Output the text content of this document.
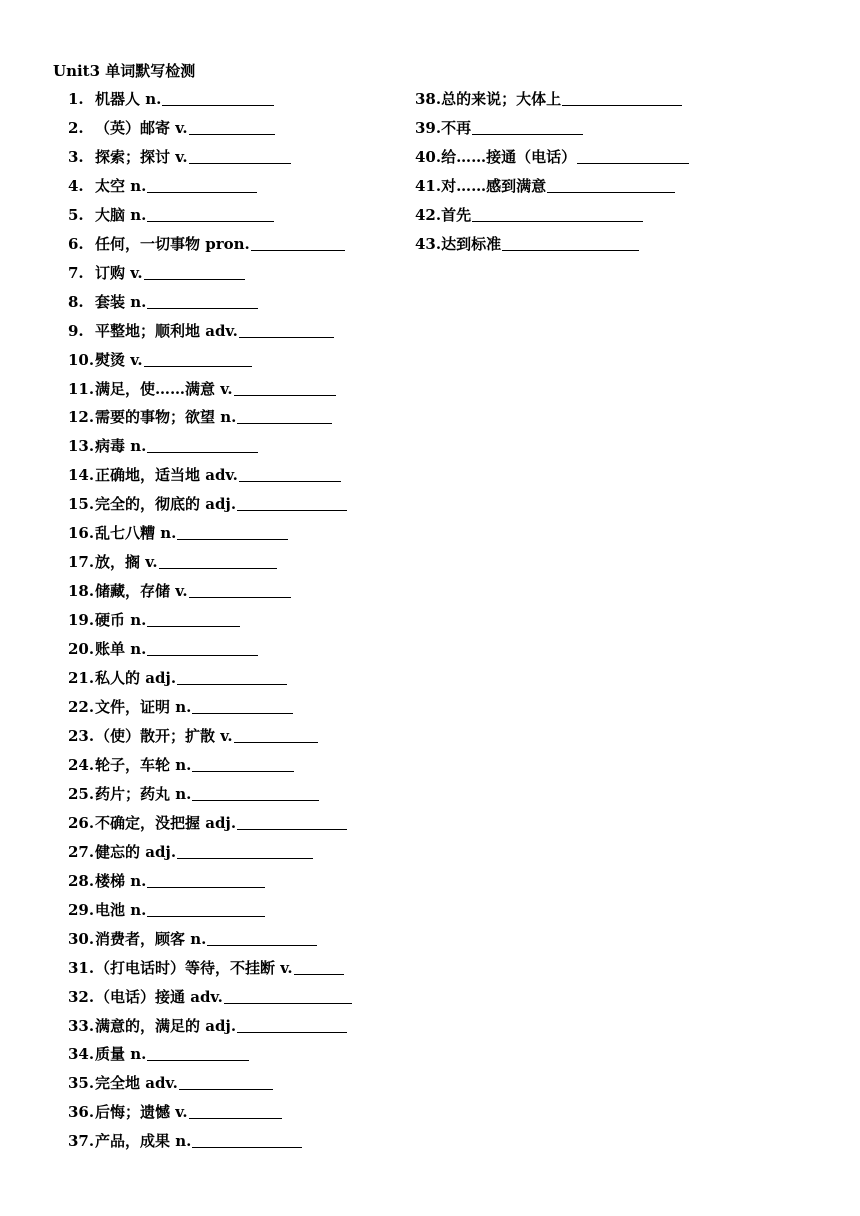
Unit3 单词默写检测
1. 机器人 n.
2. （英）邮寄 v.
3. 探索；探讨 v.
4. 太空 n.
5. 大脑 n.
6. 任何，一切事物 pron.
7. 订购 v.
8. 套装 n.
9. 平整地；顺利地 adv.
10. 熨烫 v.
11. 满足，使……满意 v.
12. 需要的事物；欲望 n.
13. 病毒 n.
14. 正确地，适当地 adv.
15. 完全的，彻底的 adj.
16. 乱七八糟 n.
17. 放，搁 v.
18. 储藏，存储 v.
19. 硬币 n.
20. 账单 n.
21. 私人的 adj.
22. 文件，证明 n.
23. （使）散开；扩散 v.
24. 轮子，车轮 n.
25. 药片；药丸 n.
26. 不确定，没把握 adj.
27. 健忘的 adj.
28. 楼梯 n.
29. 电池 n.
30. 消费者，顾客 n.
31. （打电话时）等待，不挂断 v.
32. （电话）接通 adv.
33. 满意的，满足的 adj.
34. 质量 n.
35. 完全地 adv.
36. 后悔；遗憾 v.
37. 产品，成果 n.
38. 总的来说；大体上
39. 不再
40. 给……接通（电话）
41. 对……感到满意
42. 首先
43. 达到标准
